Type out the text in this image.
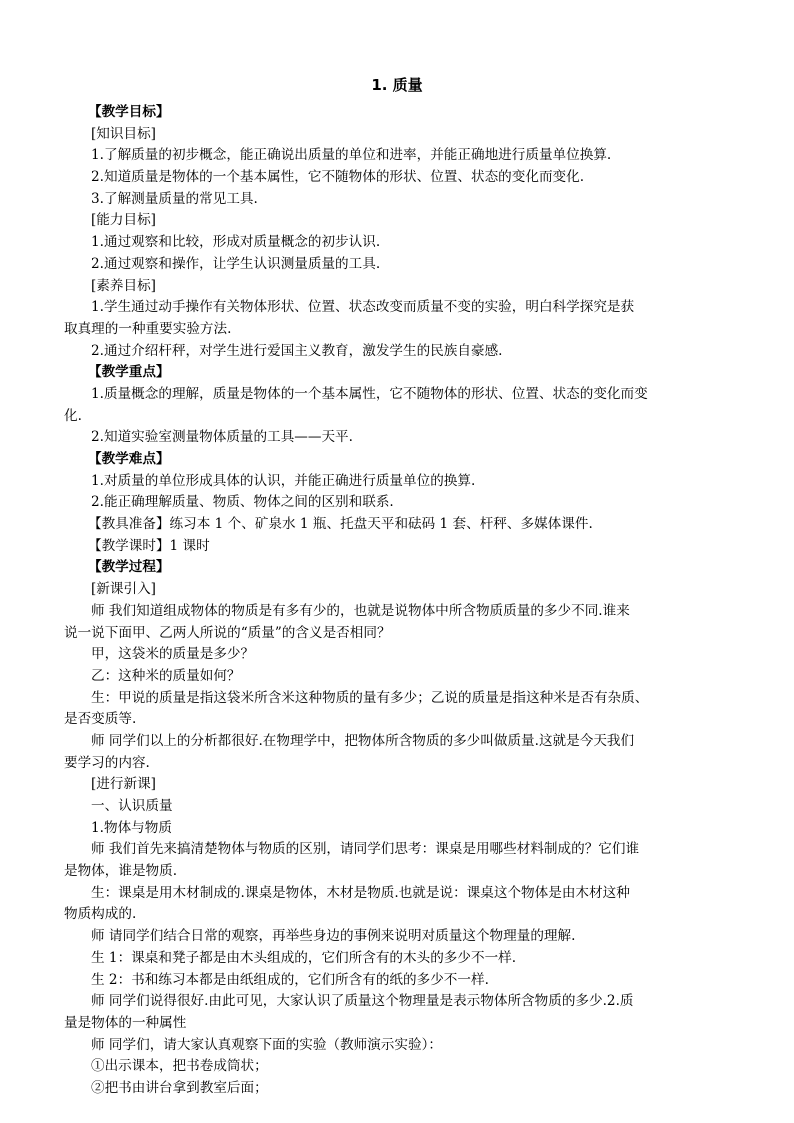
1. 质量
【教学目标】
[知识目标]
1.了解质量的初步概念，能正确说出质量的单位和进率，并能正确地进行质量单位换算.
2.知道质量是物体的一个基本属性，它不随物体的形状、位置、状态的变化而变化.
3.了解测量质量的常见工具.
[能力目标]
1.通过观察和比较，形成对质量概念的初步认识.
2.通过观察和操作，让学生认识测量质量的工具.
[素养目标]
1.学生通过动手操作有关物体形状、位置、状态改变而质量不变的实验，明白科学探究是获
取真理的一种重要实验方法.
2.通过介绍杆秤，对学生进行爱国主义教育，激发学生的民族自豪感.
【教学重点】
1.质量概念的理解，质量是物体的一个基本属性，它不随物体的形状、位置、状态的变化而变
化.
2.知道实验室测量物体质量的工具——天平.
【教学难点】
1.对质量的单位形成具体的认识，并能正确进行质量单位的换算.
2.能正确理解质量、物质、物体之间的区别和联系.
【教具准备】练习本 1 个、矿泉水 1 瓶、托盘天平和砝码 1 套、杆秤、多媒体课件.
【教学课时】1 课时
【教学过程】
[新课引入]
师 我们知道组成物体的物质是有多有少的，也就是说物体中所含物质质量的多少不同.谁来
说一说下面甲、乙两人所说的“质量”的含义是否相同？
甲，这袋米的质量是多少？
乙：这种米的质量如何？
生：甲说的质量是指这袋米所含米这种物质的量有多少；乙说的质量是指这种米是否有杂质、
是否变质等.
师 同学们以上的分析都很好.在物理学中，把物体所含物质的多少叫做质量.这就是今天我们
要学习的内容.
[进行新课]
一、认识质量
1.物体与物质
师 我们首先来搞清楚物体与物质的区别，请同学们思考：课桌是用哪些材料制成的？它们谁
是物体，谁是物质.
生：课桌是用木材制成的.课桌是物体，木材是物质.也就是说：课桌这个物体是由木材这种
物质构成的.
师 请同学们结合日常的观察，再举些身边的事例来说明对质量这个物理量的理解.
生 1：课桌和凳子都是由木头组成的，它们所含有的木头的多少不一样.
生 2：书和练习本都是由纸组成的，它们所含有的纸的多少不一样.
师 同学们说得很好.由此可见，大家认识了质量这个物理量是表示物体所含物质的多少.2.质
量是物体的一种属性
师 同学们，请大家认真观察下面的实验（教师演示实验）：
①出示课本，把书卷成筒状；
②把书由讲台拿到教室后面；
